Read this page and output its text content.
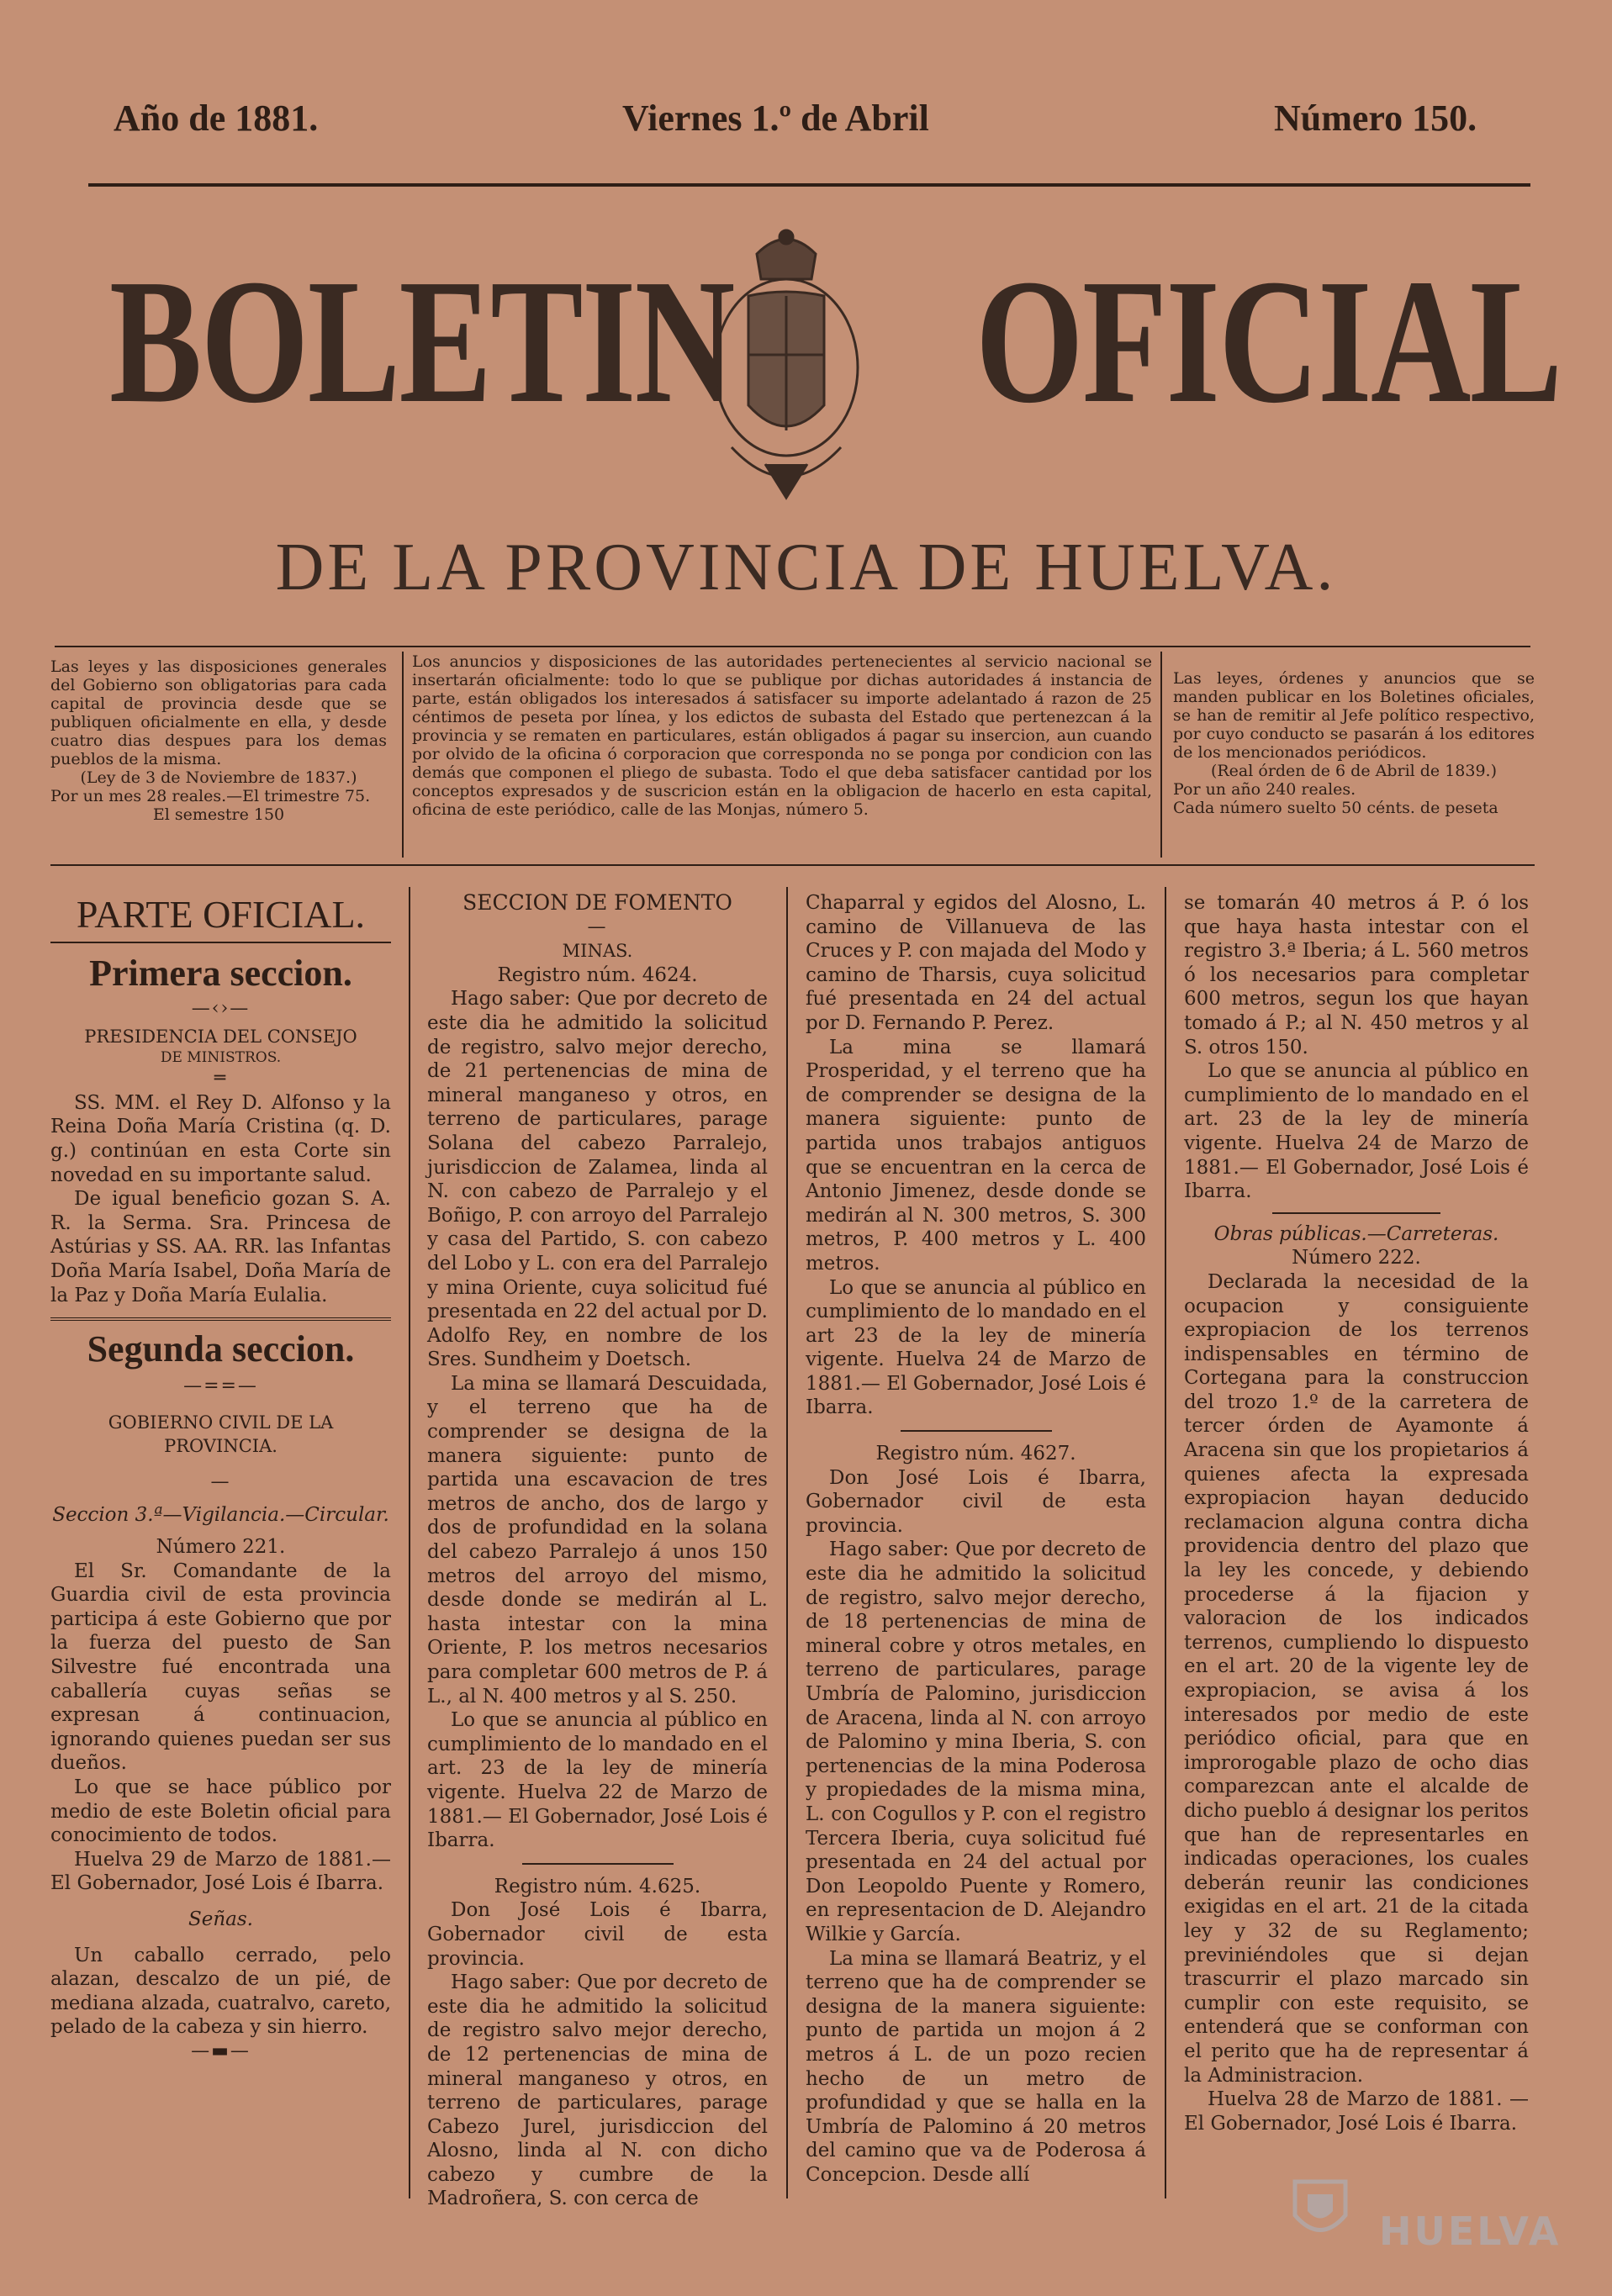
Año de 1881.	Viernes 1.º de Abril	Número 150.
BOLETIN OFICIAL
DE LA PROVINCIA DE HUELVA.
Las leyes y las disposiciones generales del Gobierno son obligatorias para cada capital de provincia desde que se publiquen oficialmente en ella, y desde cuatro dias despues para los demas pueblos de la misma.
(Ley de 3 de Noviembre de 1837.)
Por un mes 28 reales.—El trimestre 75.
El semestre 150
Los anuncios y disposiciones de las autoridades pertenecientes al servicio nacional se insertarán oficialmente: todo lo que se publique por dichas autoridades á instancia de parte, están obligados los interesados á satisfacer su importe adelantado á razon de 25 céntimos de peseta por línea, y los edictos de subasta del Estado que pertenezcan á la provincia y se rematen en particulares, están obligados á pagar su insercion, aun cuando por olvido de la oficina ó corporacion que corresponda no se ponga por condicion con las demás que componen el pliego de subasta. Todo el que deba satisfacer cantidad por los conceptos expresados y de suscricion están en la obligacion de hacerlo en esta capital, oficina de este periódico, calle de las Monjas, número 5.
Las leyes, órdenes y anuncios que se manden publicar en los Boletines oficiales, se han de remitir al Jefe político respectivo, por cuyo conducto se pasarán á los editores de los mencionados periódicos.
(Real órden de 6 de Abril de 1839.)
Por un año 240 reales.
Cada número suelto 50 cénts. de peseta
PARTE OFICIAL.
Primera seccion.
—‹›—
PRESIDENCIA DEL CONSEJO
DE MINISTROS.
═

SS. MM. el Rey D. Alfonso y la Reina Doña María Cristina (q. D. g.) continúan en esta Corte sin novedad en su importante salud.

De igual beneficio gozan S. A. R. la Serma. Sra. Princesa de Astúrias y SS. AA. RR. las Infantas Doña María Isabel, Doña María de la Paz y Doña María Eulalia.

Segunda seccion.
—==—
GOBIERNO CIVIL DE LA PROVINCIA.
—
Seccion 3.ª—Vigilancia.—Circular.
Número 221.

El Sr. Comandante de la Guardia civil de esta provincia participa á este Gobierno que por la fuerza del puesto de San Silvestre fué encontrada una caballería cuyas señas se expresan á continuacion, ignorando quienes puedan ser sus dueños.

Lo que se hace público por medio de este Boletin oficial para conocimiento de todos.

Huelva 29 de Marzo de 1881.— El Gobernador, José Lois é Ibarra.

Señas.

Un caballo cerrado, pelo alazan, descalzo de un pié, de mediana alzada, cuatralvo, careto, pelado de la cabeza y sin hierro.

—▬—
SECCION DE FOMENTO
—
MINAS.
Registro núm. 4624.

Hago saber: Que por decreto de este dia he admitido la solicitud de registro, salvo mejor derecho, de 21 pertenencias de mina de mineral manganeso y otros, en terreno de particulares, parage Solana del cabezo Parralejo, jurisdiccion de Zalamea, linda al N. con cabezo de Parralejo y el Boñigo, P. con arroyo del Parralejo y casa del Partido, S. con cabezo del Lobo y L. con era del Parralejo y mina Oriente, cuya solicitud fué presentada en 22 del actual por D. Adolfo Rey, en nombre de los Sres. Sundheim y Doetsch.

La mina se llamará Descuidada, y el terreno que ha de comprender se designa de la manera siguiente: punto de partida una escavacion de tres metros de ancho, dos de largo y dos de profundidad en la solana del cabezo Parralejo á unos 150 metros del arroyo del mismo, desde donde se medirán al L. hasta intestar con la mina Oriente, P. los metros necesarios para completar 600 metros de P. á L., al N. 400 metros y al S. 250.

Lo que se anuncia al público en cumplimiento de lo mandado en el art. 23 de la ley de minería vigente. Huelva 22 de Marzo de 1881.— El Gobernador, José Lois é Ibarra.

Registro núm. 4.625.

Don José Lois é Ibarra, Gobernador civil de esta provincia.

Hago saber: Que por decreto de este dia he admitido la solicitud de registro salvo mejor derecho, de 12 pertenencias de mina de mineral manganeso y otros, en terreno de particulares, parage Cabezo Jurel, jurisdiccion del Alosno, linda al N. con dicho cabezo y cumbre de la Madroñera, S. con cerca de

Chaparral y egidos del Alosno, L. camino de Villanueva de las Cruces y P. con majada del Modo y camino de Tharsis, cuya solicitud fué presentada en 24 del actual por D. Fernando P. Perez.

La mina se llamará Prosperidad, y el terreno que ha de comprender se designa de la manera siguiente: punto de partida unos trabajos antiguos que se encuentran en la cerca de Antonio Jimenez, desde donde se medirán al N. 300 metros, S. 300 metros, P. 400 metros y L. 400 metros.

Lo que se anuncia al público en cumplimiento de lo mandado en el art 23 de la ley de minería vigente. Huelva 24 de Marzo de 1881.— El Gobernador, José Lois é Ibarra.

Registro núm. 4627.

Don José Lois é Ibarra, Gobernador civil de esta provincia.

Hago saber: Que por decreto de este dia he admitido la solicitud de registro, salvo mejor derecho, de 18 pertenencias de mina de mineral cobre y otros metales, en terreno de particulares, parage Umbría de Palomino, jurisdiccion de Aracena, linda al N. con arroyo de Palomino y mina Iberia, S. con pertenencias de la mina Poderosa y propiedades de la misma mina, L. con Cogullos y P. con el registro Tercera Iberia, cuya solicitud fué presentada en 24 del actual por Don Leopoldo Puente y Romero, en representacion de D. Alejandro Wilkie y García.

La mina se llamará Beatriz, y el terreno que ha de comprender se designa de la manera siguiente: punto de partida un mojon á 2 metros á L. de un pozo recien hecho de un metro de profundidad y que se halla en la Umbría de Palomino á 20 metros del camino que va de Poderosa á Concepcion. Desde allí

se tomarán 40 metros á P. ó los que haya hasta intestar con el registro 3.ª Iberia; á L. 560 metros ó los necesarios para completar 600 metros, segun los que hayan tomado á P.; al N. 450 metros y al S. otros 150.

Lo que se anuncia al público en cumplimiento de lo mandado en el art. 23 de la ley de minería vigente. Huelva 24 de Marzo de 1881.— El Gobernador, José Lois é Ibarra.

Obras públicas.—Carreteras.
Número 222.

Declarada la necesidad de la ocupacion y consiguiente expropiacion de los terrenos indispensables en término de Cortegana para la construccion del trozo 1.º de la carretera de tercer órden de Ayamonte á Aracena sin que los propietarios á quienes afecta la expresada expropiacion hayan deducido reclamacion alguna contra dicha providencia dentro del plazo que la ley les concede, y debiendo procederse á la fijacion y valoracion de los indicados terrenos, cumpliendo lo dispuesto en el art. 20 de la vigente ley de expropiacion, se avisa á los interesados por medio de este periódico oficial, para que en improrogable plazo de ocho dias comparezcan ante el alcalde de dicho pueblo á designar los peritos que han de representarles en indicadas operaciones, los cuales deberán reunir las condiciones exigidas en el art. 21 de la citada ley y 32 de su Reglamento; previniéndoles que si dejan trascurrir el plazo marcado sin cumplir con este requisito, se entenderá que se conforman con el perito que ha de representar á la Administracion.

Huelva 28 de Marzo de 1881. —El Gobernador, José Lois é Ibarra.

HUELVA
